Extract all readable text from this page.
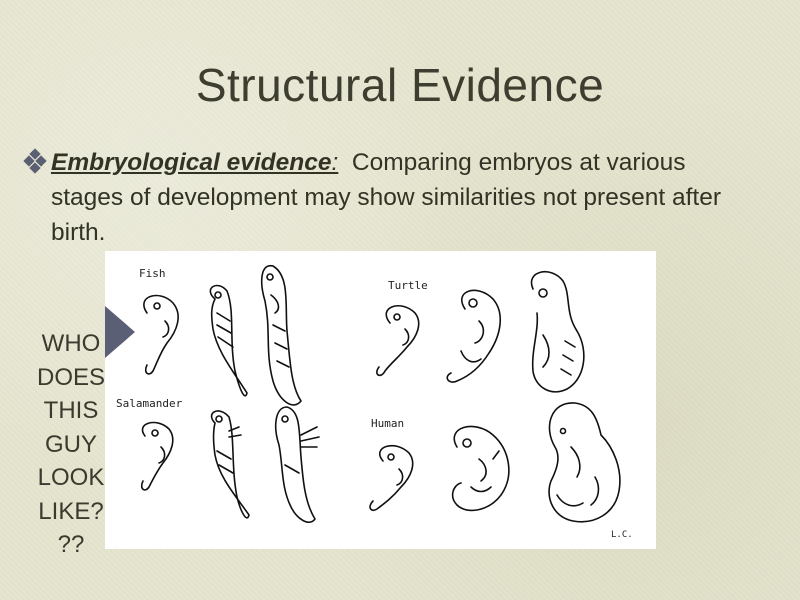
Structural Evidence
Embryological evidence:  Comparing embryos at various stages of development may show similarities not present after birth.
L.C.
Fish
Turtle
Salamander
Human
WHO
DOES
THIS
GUY
LOOK
LIKE?
??
